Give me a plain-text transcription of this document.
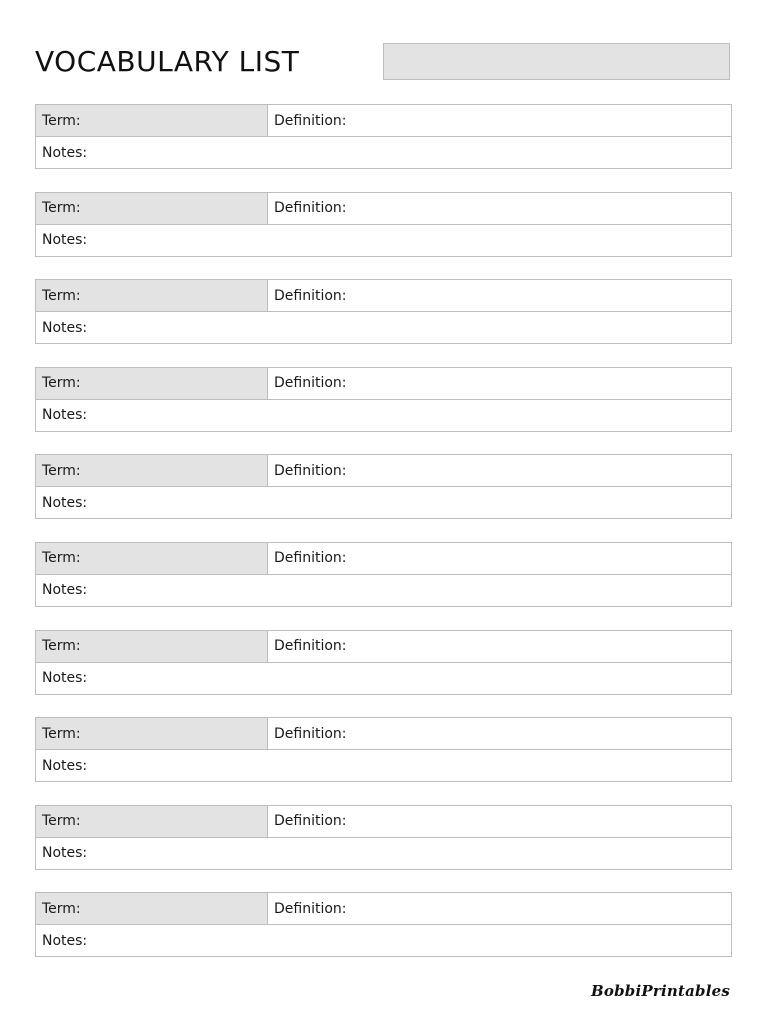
VOCABULARY LIST
Term:	Definition:
Notes:
Term:	Definition:
Notes:
Term:	Definition:
Notes:
Term:	Definition:
Notes:
Term:	Definition:
Notes:
Term:	Definition:
Notes:
Term:	Definition:
Notes:
Term:	Definition:
Notes:
Term:	Definition:
Notes:
Term:	Definition:
Notes:
BobbiPrintables
